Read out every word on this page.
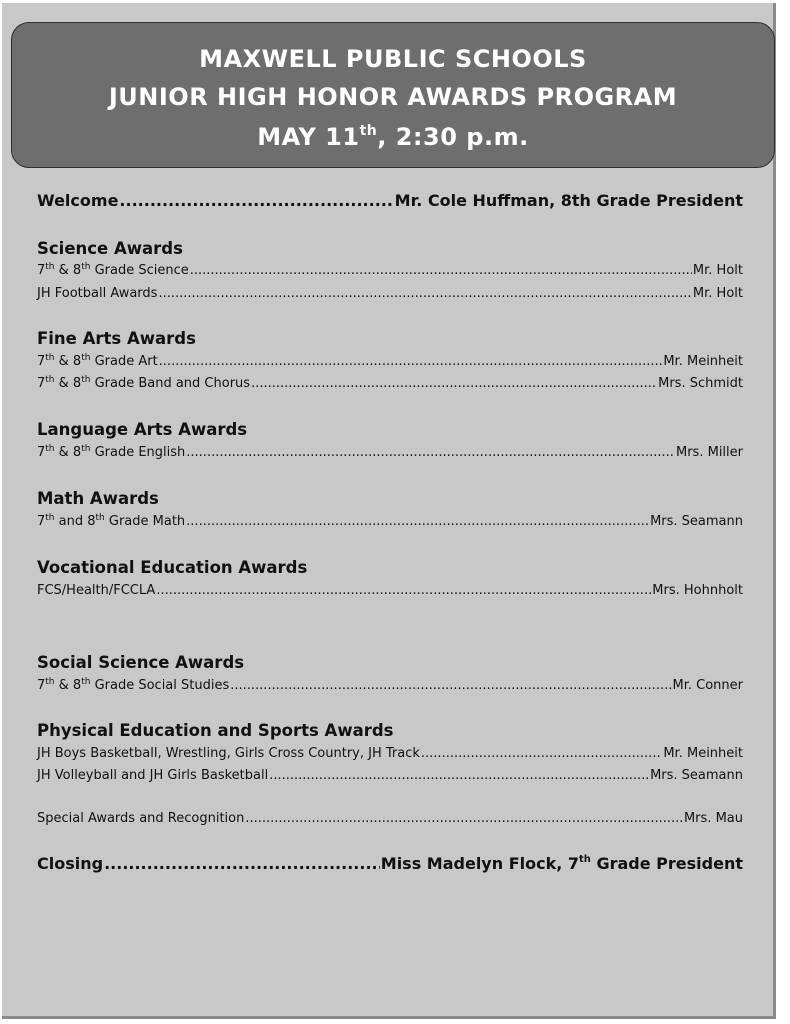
MAXWELL PUBLIC SCHOOLS
JUNIOR HIGH HONOR AWARDS PROGRAM
MAY 11th, 2:30 p.m.
Welcome .....	Mr. Cole Huffman, 8th Grade President
Science Awards
7th & 8th Grade Science .....	Mr. Holt
JH Football Awards .....	Mr. Holt
Fine Arts Awards
7th & 8th Grade Art .....	Mr. Meinheit
7th & 8th Grade Band and Chorus .....	Mrs. Schmidt
Language Arts Awards
7th & 8th Grade English .....	Mrs. Miller
Math Awards
7th and 8th Grade Math .....	Mrs. Seamann
Vocational Education Awards
FCS/Health/FCCLA .....	Mrs. Hohnholt
Social Science Awards
7th & 8th Grade Social Studies .....	Mr. Conner
Physical Education and Sports Awards
JH Boys Basketball, Wrestling, Girls Cross Country, JH Track .....	Mr. Meinheit
JH Volleyball and JH Girls Basketball .....	Mrs. Seamann
Special Awards and Recognition .....	Mrs. Mau
Closing .....	Miss Madelyn Flock, 7th Grade President
